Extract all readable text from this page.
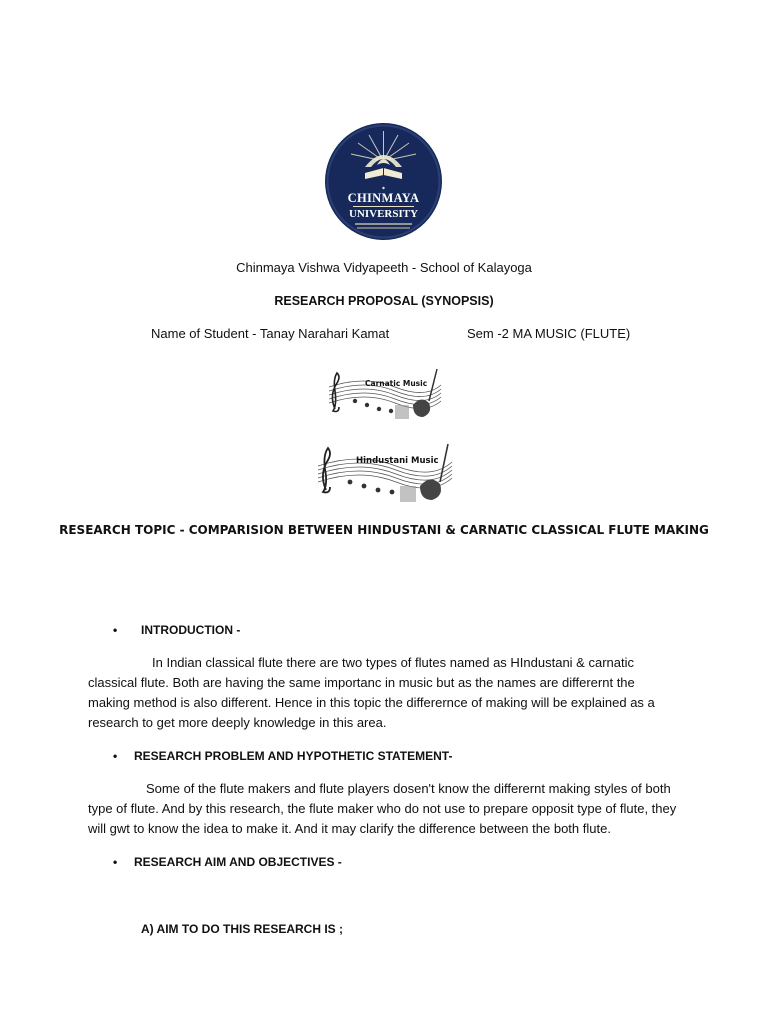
CHINMAYA
UNIVERSITY
Chinmaya Vishwa Vidyapeeth - School of Kalayoga
RESEARCH PROPOSAL (SYNOPSIS)
Name of Student - Tanay Narahari Kamat	Sem -2 MA MUSIC (FLUTE)
Carnatic Music
Hindustani Music
RESEARCH TOPIC - COMPARISION BETWEEN HINDUSTANI & CARNATIC CLASSICAL FLUTE MAKING
• INTRODUCTION -
In Indian classical flute there are two types of flutes named as HIndustani & carnatic
classical flute. Both are having the same importanc in music but as the names are differernt the
making method is also different. Hence in this topic the differernce of making will be explained as a
research to get more deeply knowledge in this area.
• RESEARCH PROBLEM AND HYPOTHETIC STATEMENT-
Some of the flute makers and flute players dosen't know the differernt making styles of both
type of flute. And by this research, the flute maker who do not use to prepare opposit type of flute, they
will gwt to know the idea to make it. And it may clarify the difference between the both flute.
• RESEARCH AIM AND OBJECTIVES -
A) AIM TO DO THIS RESEARCH IS ;
